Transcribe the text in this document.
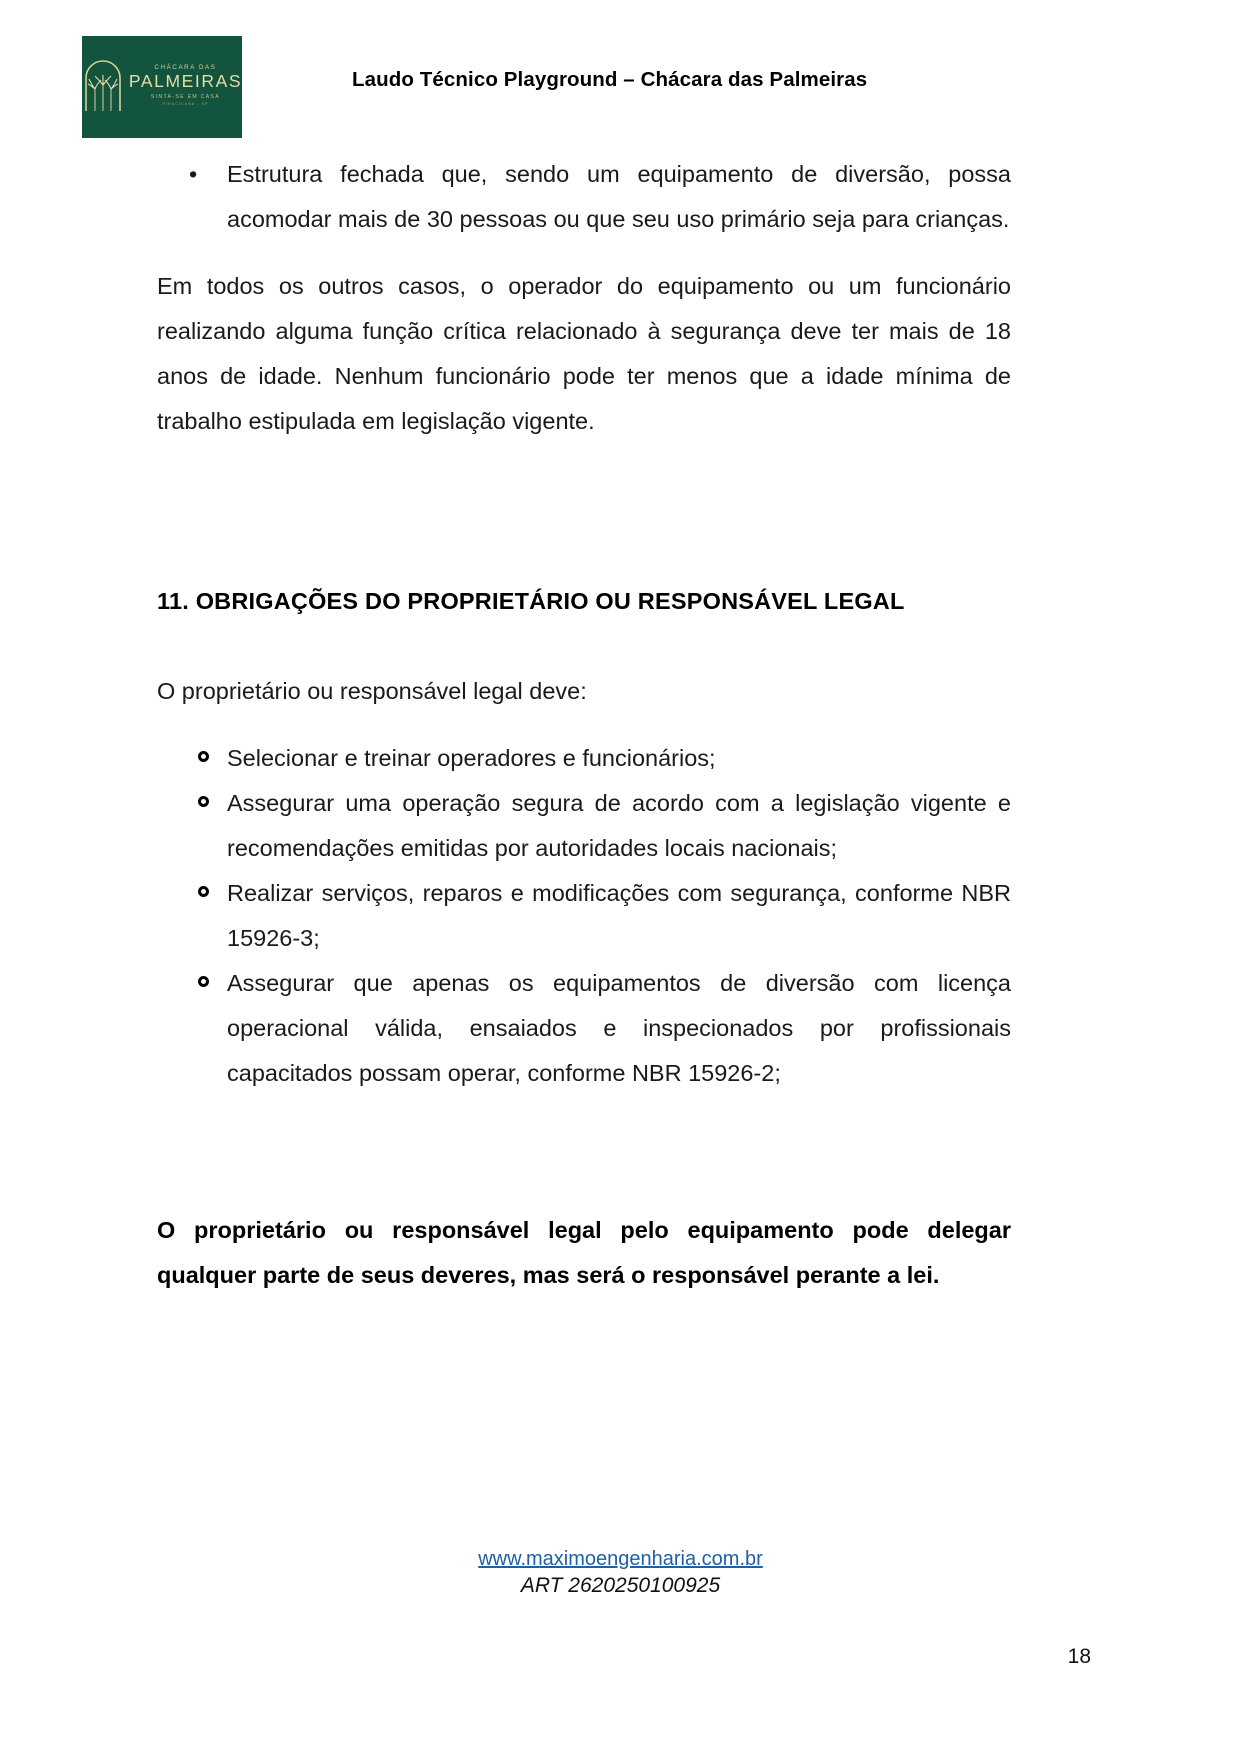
CHÁCARA DAS
PALMEIRAS
SINTA-SE EM CASA
PIRACICABA - SP
Laudo Técnico Playground – Chácara das Palmeiras
• Estrutura fechada que, sendo um equipamento de diversão, possa acomodar mais de 30 pessoas ou que seu uso primário seja para crianças.

Em todos os outros casos, o operador do equipamento ou um funcionário realizando alguma função crítica relacionado à segurança deve ter mais de 18 anos de idade. Nenhum funcionário pode ter menos que a idade mínima de trabalho estipulada em legislação vigente.

11. OBRIGAÇÕES DO PROPRIETÁRIO OU RESPONSÁVEL LEGAL

O proprietário ou responsável legal deve:

Selecionar e treinar operadores e funcionários;
Assegurar uma operação segura de acordo com a legislação vigente e recomendações emitidas por autoridades locais nacionais;
Realizar serviços, reparos e modificações com segurança, conforme NBR 15926-3;
Assegurar que apenas os equipamentos de diversão com licença operacional válida, ensaiados e inspecionados por profissionais capacitados possam operar, conforme NBR 15926-2;

O proprietário ou responsável legal pelo equipamento pode delegar qualquer parte de seus deveres, mas será o responsável perante a lei.

www.maximoengenharia.com.br
ART 2620250100925
18
